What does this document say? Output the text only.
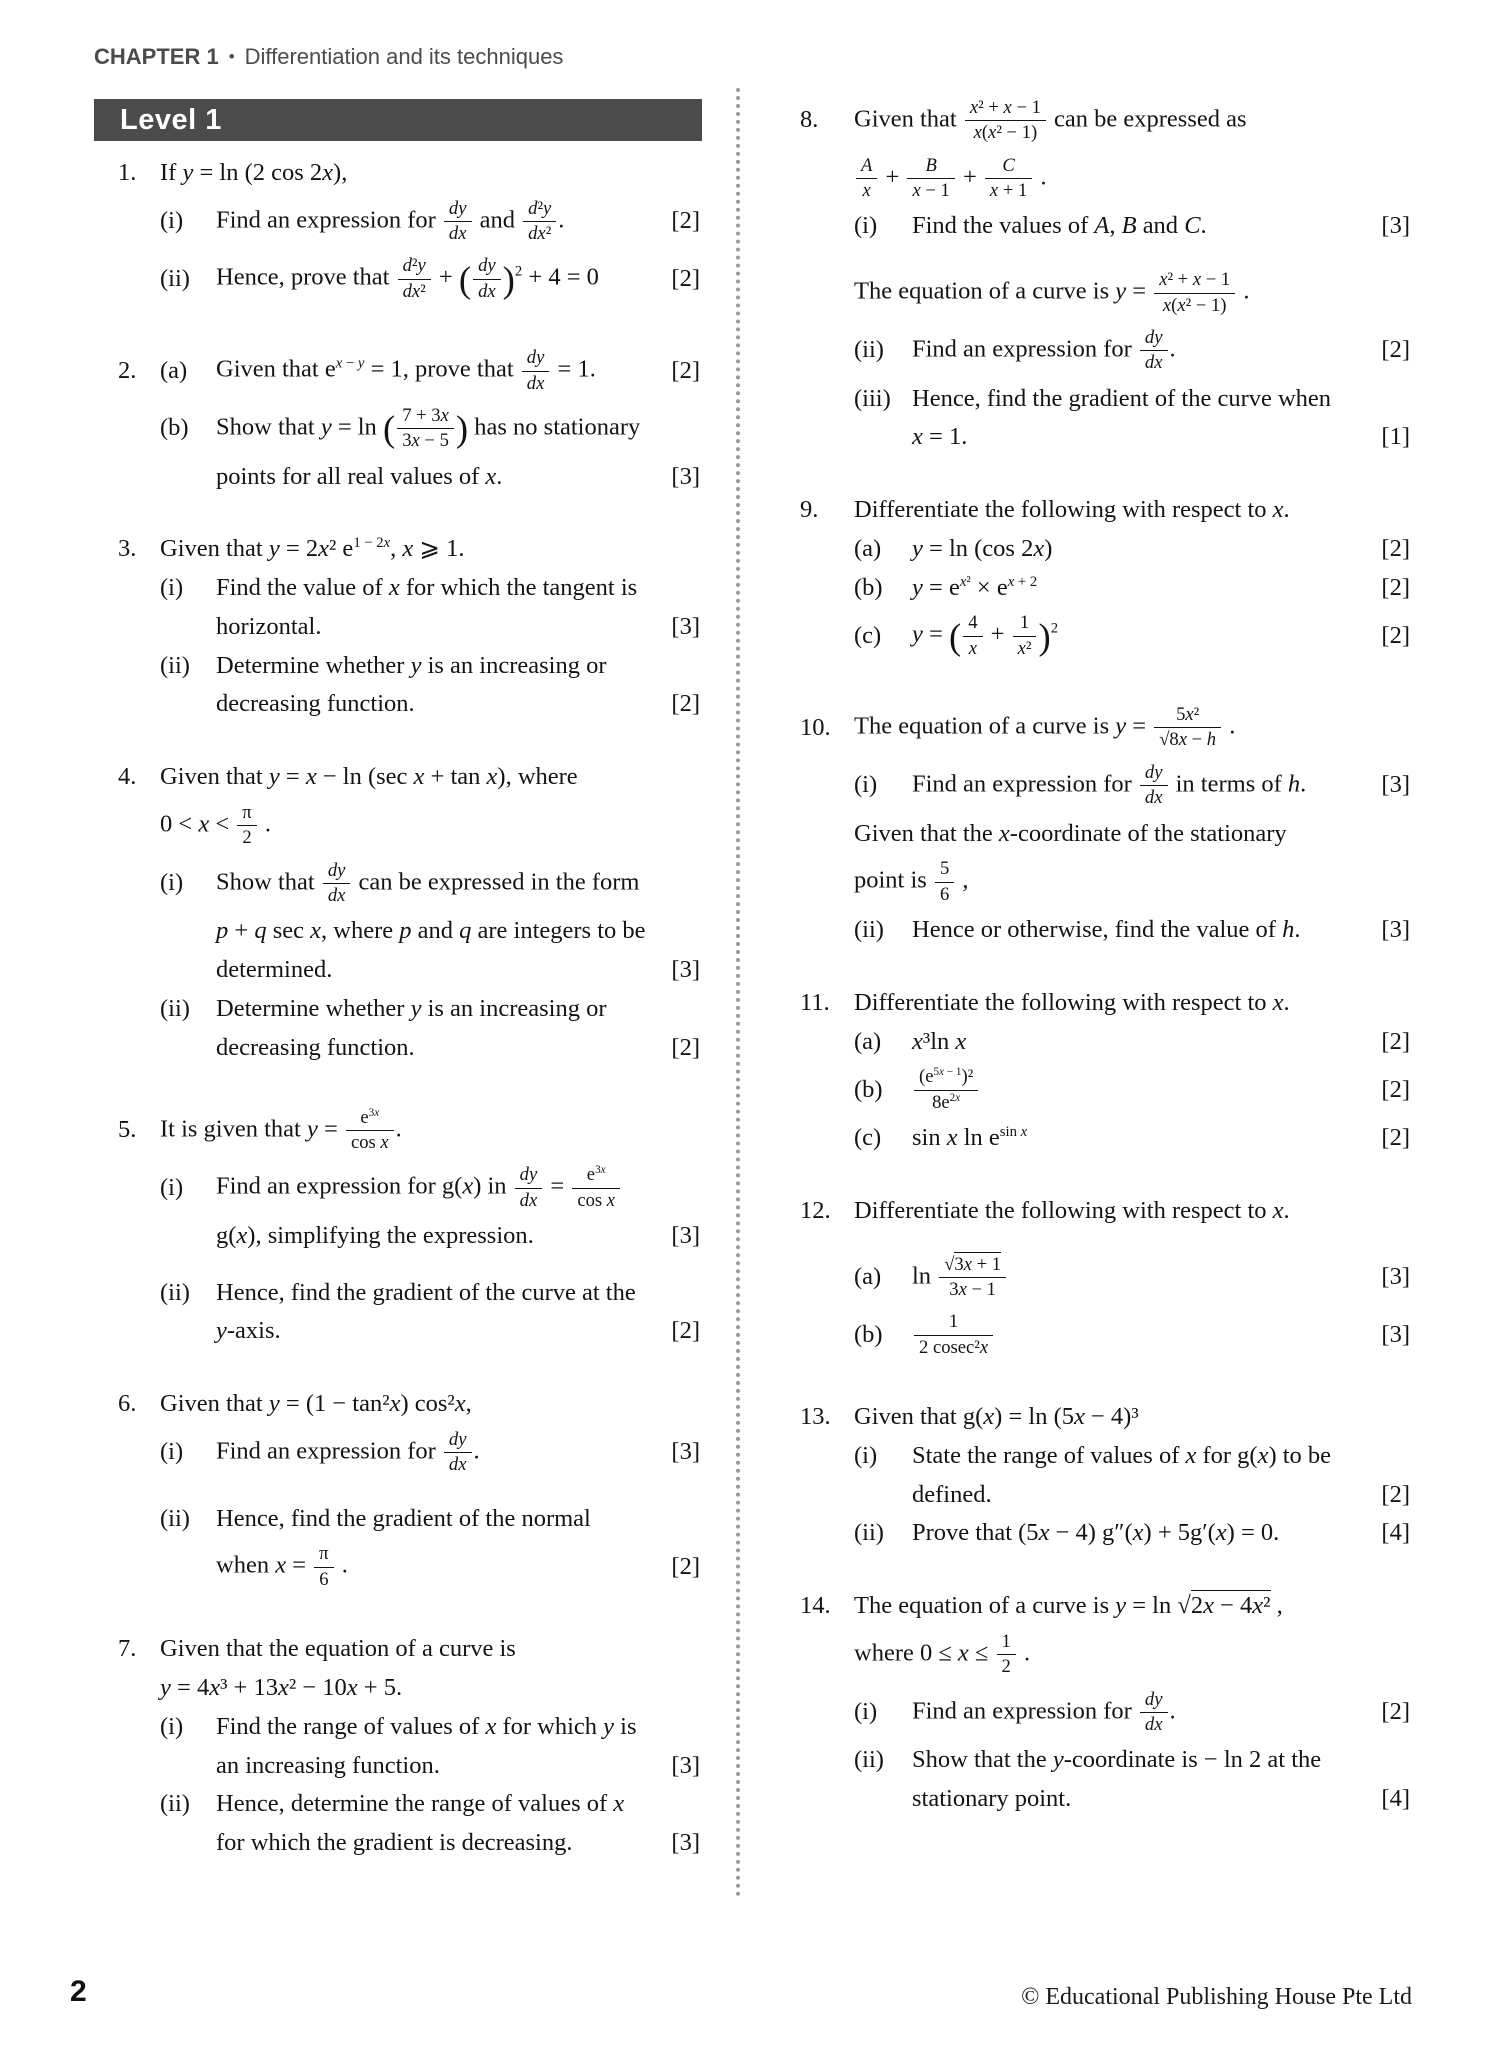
CHAPTER 1 • Differentiation and its techniques
Level 1
1. If y = ln (2 cos 2x),
(i)	Find an expression for $\frac{dy}{dx}$ and $\frac{\text{d²y}}{\text{dx²}}$ .	[2]
(ii)	Hence, prove that $\frac{\text{d²y}}{\text{dx²}}$ + ( $\frac{dy}{dx} )^2 + 4 = 0$	[2]
2. (a)	Given that $e^{x - y} = 1$, prove that $\frac{dy}{dx} = 1$.	[2]
(b)	Show that y = ln ( $\frac{7 + 3x}{3x - 5}$ ) has no stationary
points for all real values of x.	[3]
3. Given that y = 2x² $e^{1 - 2x}$, x ⩾ 1.
(i)	Find the value of x for which the tangent is
horizontal.	[3]
(ii)	Determine whether y is an increasing or
decreasing function.	[2]
4. Given that y = x − ln (sec x + tan x), where
$0 < x < \frac{\pi}{2}$ .
(i)	Show that $\frac{dy}{dx}$ can be expressed in the form
p + q sec x, where p and q are integers to be
determined.	[3]
(ii)	Determine whether y is an increasing or
decreasing function.	[2]
5. It is given that $y = \frac{e^{3x}}{\text{cos x}}$ .
(i)	Find an expression for g(x) in $\frac{dy}{dx} = \frac{e^{3x}}{\text{cos x}}$
g(x), simplifying the expression.	[3]
(ii)	Hence, find the gradient of the curve at the
y-axis.	[2]
6. Given that y = (1 − tan²x) cos²x,
(i)	Find an expression for $\frac{dy}{dx}$ .	[3]
(ii)	Hence, find the gradient of the normal
when $x = \frac{\pi}{6}$ .	[2]
7. Given that the equation of a curve is
y = 4x³ + 13x² − 10x + 5.
(i)	Find the range of values of x for which y is
an increasing function.	[3]
(ii)	Hence, determine the range of values of x
for which the gradient is decreasing.	[3]
8.	Given that $\frac{\text{x² + x − 1}}{\text{x(x² − 1)}}$ can be expressed as
$\frac{A}{x} + \frac{B}{x - 1} + \frac{C}{x + 1}$ .
(i)	Find the values of A, B and C.	[3]
The equation of a curve is $y = \frac{\text{x² + x − 1}}{\text{x(x² − 1)}}$ .
(ii)	Find an expression for $\frac{dy}{dx}$ .	[2]
(iii) Hence, find the gradient of the curve when
x = 1.	[1]
9.	Differentiate the following with respect to x.
(a)	y = ln (cos 2x)	[2]
(b)	$y = e^{x^2} \times e^{x + 2}$	[2]
(c)	y = ( $\frac{4}{x} + \frac{1}{\text{x²}} )^2$	[2]
10. The equation of a curve is $y = \frac{\text{5x²}}{√8x - h}$ .
(i)	Find an expression for $\frac{dy}{dx}$ in terms of h.	[3]
Given that the x-coordinate of the stationary
point is $\frac{5}{6}$ ,
(ii)	Hence or otherwise, find the value of h.	[3]
11. Differentiate the following with respect to x.
(a)	x³ln x	[2]
(b)	$\frac{(e^{5x - 1})^2}{8e^{2x}}$	[2]
(c)	sin x $\ln e^{sin x}$	[2]
12. Differentiate the following with respect to x.
(a)	$\ln \frac{√3x + 1}{3x - 1}$	[3]
(b)	$\frac{1}{\text{2 cosec²x}}$	[3]
13. Given that g(x) = ln (5x − 4)³
(i)	State the range of values of x for g(x) to be
defined.	[2]
(ii)	Prove that (5x − 4) g″(x) + 5g′(x) = 0.	[4]
14. The equation of a curve is y = ln √2x − 4x² ,
where $0 \le x \le \frac{1}{2}$ .
(i)	Find an expression for $\frac{dy}{dx}$ .	[2]
(ii)	Show that the y-coordinate is − ln 2 at the
stationary point.	[4]
2	© Educational Publishing House Pte Ltd
